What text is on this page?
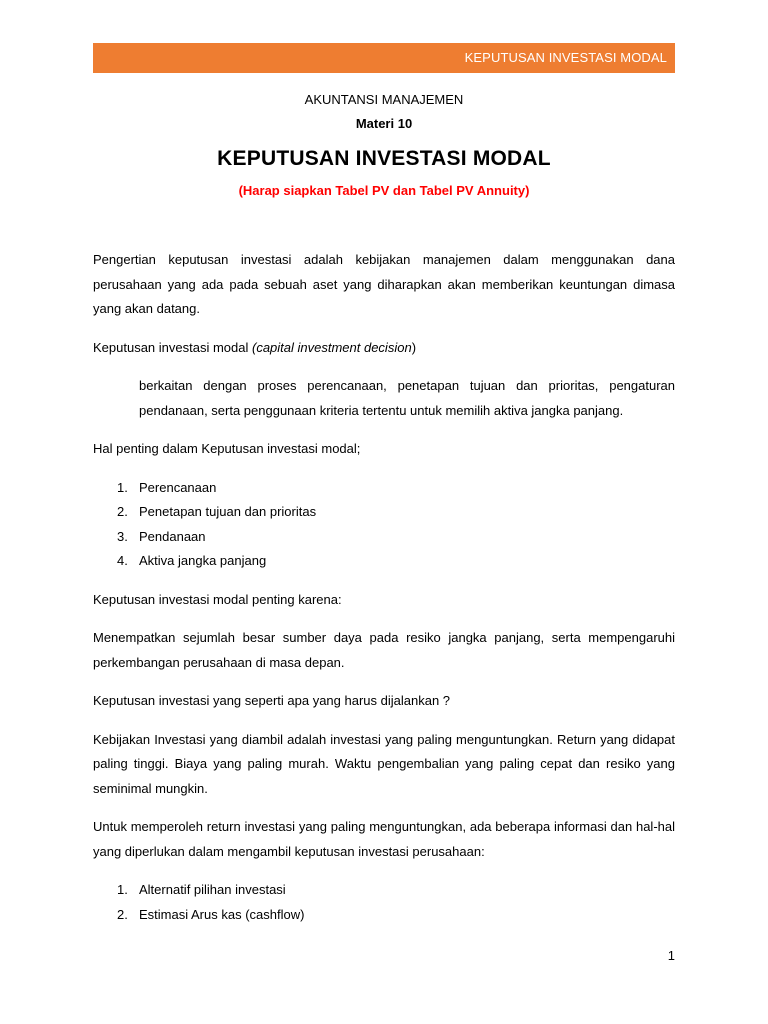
KEPUTUSAN INVESTASI MODAL

AKUNTANSI MANAJEMEN

Materi 10

KEPUTUSAN INVESTASI MODAL

(Harap siapkan Tabel PV dan Tabel PV Annuity)

Pengertian keputusan investasi adalah kebijakan manajemen dalam menggunakan dana perusahaan yang ada pada sebuah aset yang diharapkan akan memberikan keuntungan dimasa yang akan datang.

Keputusan investasi modal (capital investment decision)

berkaitan dengan proses perencanaan, penetapan tujuan dan prioritas, pengaturan pendanaan, serta penggunaan kriteria tertentu untuk memilih aktiva jangka panjang.

Hal penting dalam Keputusan investasi modal;

1. Perencanaan
2. Penetapan tujuan dan prioritas
3. Pendanaan
4. Aktiva jangka panjang

Keputusan investasi modal penting karena:

Menempatkan sejumlah besar sumber daya pada resiko jangka panjang, serta mempengaruhi perkembangan perusahaan di masa depan.

Keputusan investasi yang seperti apa yang harus dijalankan ?

Kebijakan Investasi yang diambil adalah investasi yang paling menguntungkan. Return yang didapat paling tinggi. Biaya yang paling murah. Waktu pengembalian yang paling cepat dan resiko yang seminimal mungkin.

Untuk memperoleh return investasi yang paling menguntungkan, ada beberapa informasi dan hal-hal yang diperlukan dalam mengambil keputusan investasi perusahaan:

1. Alternatif pilihan investasi
2. Estimasi Arus kas (cashflow)
1
